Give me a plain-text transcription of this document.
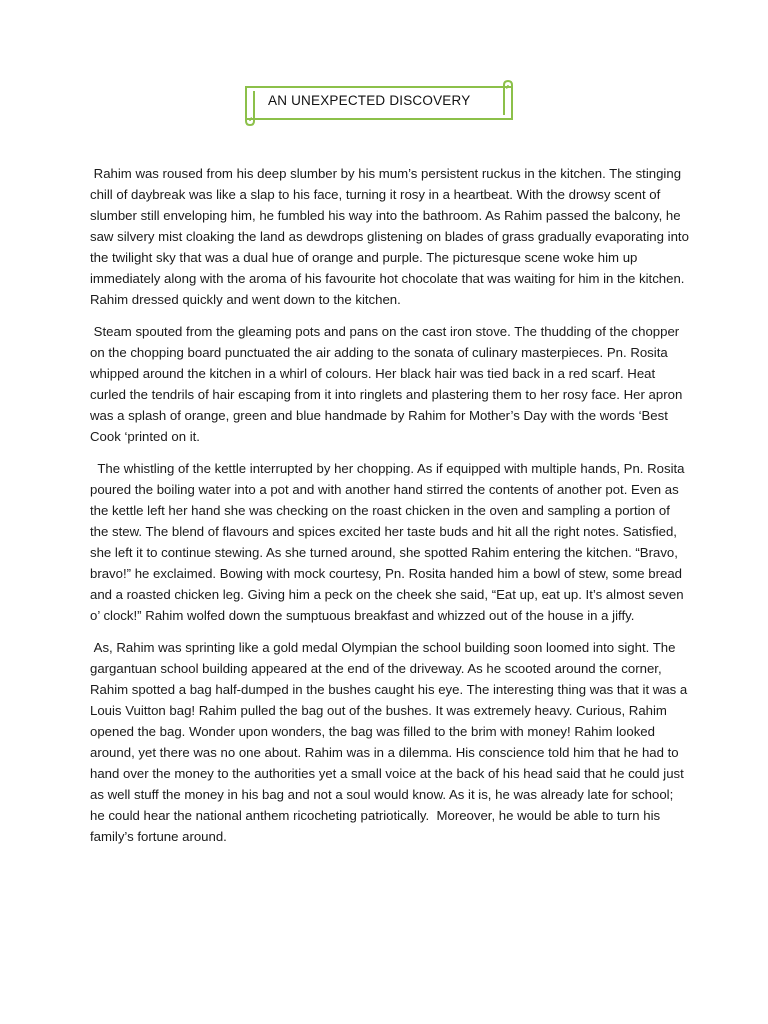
AN UNEXPECTED DISCOVERY

Rahim was roused from his deep slumber by his mum’s persistent ruckus in the kitchen. The stinging chill of daybreak was like a slap to his face, turning it rosy in a heartbeat. With the drowsy scent of slumber still enveloping him, he fumbled his way into the bathroom. As Rahim passed the balcony, he saw silvery mist cloaking the land as dewdrops glistening on blades of grass gradually evaporating into the twilight sky that was a dual hue of orange and purple. The picturesque scene woke him up immediately along with the aroma of his favourite hot chocolate that was waiting for him in the kitchen. Rahim dressed quickly and went down to the kitchen.

Steam spouted from the gleaming pots and pans on the cast iron stove. The thudding of the chopper on the chopping board punctuated the air adding to the sonata of culinary masterpieces. Pn. Rosita whipped around the kitchen in a whirl of colours. Her black hair was tied back in a red scarf. Heat curled the tendrils of hair escaping from it into ringlets and plastering them to her rosy face. Her apron was a splash of orange, green and blue handmade by Rahim for Mother’s Day with the words ‘Best Cook ‘printed on it.

The whistling of the kettle interrupted by her chopping. As if equipped with multiple hands, Pn. Rosita poured the boiling water into a pot and with another hand stirred the contents of another pot. Even as the kettle left her hand she was checking on the roast chicken in the oven and sampling a portion of the stew. The blend of flavours and spices excited her taste buds and hit all the right notes. Satisfied, she left it to continue stewing. As she turned around, she spotted Rahim entering the kitchen. “Bravo, bravo!” he exclaimed. Bowing with mock courtesy, Pn. Rosita handed him a bowl of stew, some bread and a roasted chicken leg. Giving him a peck on the cheek she said, “Eat up, eat up. It’s almost seven o’ clock!” Rahim wolfed down the sumptuous breakfast and whizzed out of the house in a jiffy.

As, Rahim was sprinting like a gold medal Olympian the school building soon loomed into sight. The gargantuan school building appeared at the end of the driveway. As he scooted around the corner, Rahim spotted a bag half-dumped in the bushes caught his eye. The interesting thing was that it was a Louis Vuitton bag! Rahim pulled the bag out of the bushes. It was extremely heavy. Curious, Rahim opened the bag. Wonder upon wonders, the bag was filled to the brim with money! Rahim looked around, yet there was no one about. Rahim was in a dilemma. His conscience told him that he had to hand over the money to the authorities yet a small voice at the back of his head said that he could just as well stuff the money in his bag and not a soul would know. As it is, he was already late for school; he could hear the national anthem ricocheting patriotically.  Moreover, he would be able to turn his family’s fortune around.
